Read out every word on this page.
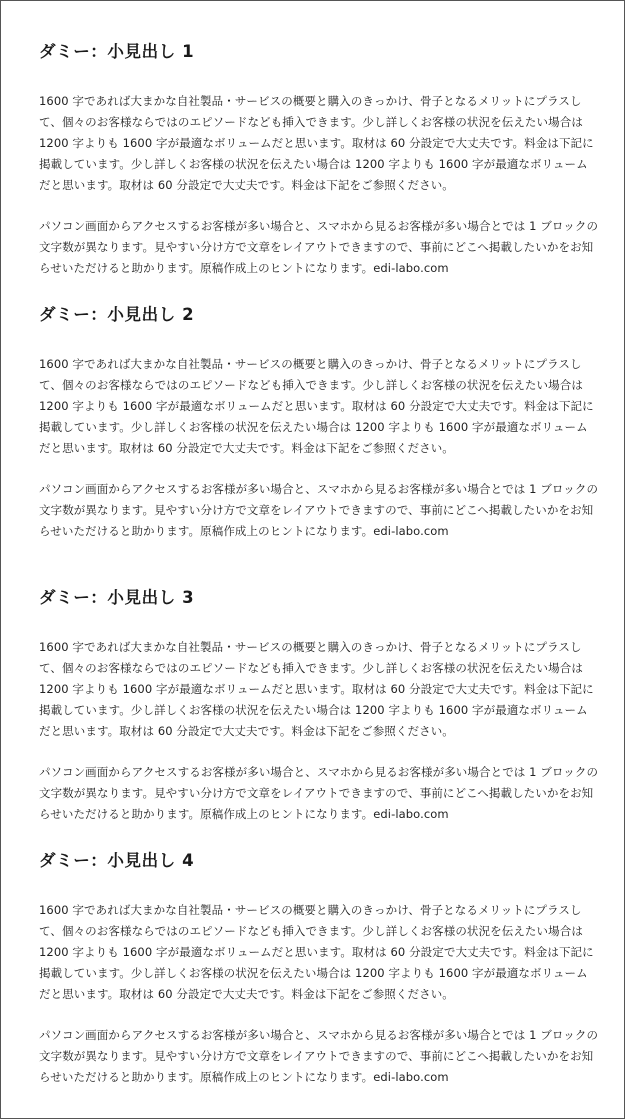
ダミー：小見出し 1

1600 字であれば大まかな自社製品・サービスの概要と購入のきっかけ、骨子となるメリットにプラスして、個々のお客様ならではのエピソードなども挿入できます。少し詳しくお客様の状況を伝えたい場合は 1200 字よりも 1600 字が最適なボリュームだと思います。取材は 60 分設定で大丈夫です。料金は下記に掲載しています。少し詳しくお客様の状況を伝えたい場合は 1200 字よりも 1600 字が最適なボリュームだと思います。取材は 60 分設定で大丈夫です。料金は下記をご参照ください。

パソコン画面からアクセスするお客様が多い場合と、スマホから見るお客様が多い場合とでは 1 ブロックの文字数が異なります。見やすい分け方で文章をレイアウトできますので、事前にどこへ掲載したいかをお知らせいただけると助かります。原稿作成上のヒントになります。edi-labo.com

ダミー：小見出し 2

1600 字であれば大まかな自社製品・サービスの概要と購入のきっかけ、骨子となるメリットにプラスして、個々のお客様ならではのエピソードなども挿入できます。少し詳しくお客様の状況を伝えたい場合は 1200 字よりも 1600 字が最適なボリュームだと思います。取材は 60 分設定で大丈夫です。料金は下記に掲載しています。少し詳しくお客様の状況を伝えたい場合は 1200 字よりも 1600 字が最適なボリュームだと思います。取材は 60 分設定で大丈夫です。料金は下記をご参照ください。

パソコン画面からアクセスするお客様が多い場合と、スマホから見るお客様が多い場合とでは 1 ブロックの文字数が異なります。見やすい分け方で文章をレイアウトできますので、事前にどこへ掲載したいかをお知らせいただけると助かります。原稿作成上のヒントになります。edi-labo.com

ダミー：小見出し 3

1600 字であれば大まかな自社製品・サービスの概要と購入のきっかけ、骨子となるメリットにプラスして、個々のお客様ならではのエピソードなども挿入できます。少し詳しくお客様の状況を伝えたい場合は 1200 字よりも 1600 字が最適なボリュームだと思います。取材は 60 分設定で大丈夫です。料金は下記に掲載しています。少し詳しくお客様の状況を伝えたい場合は 1200 字よりも 1600 字が最適なボリュームだと思います。取材は 60 分設定で大丈夫です。料金は下記をご参照ください。

パソコン画面からアクセスするお客様が多い場合と、スマホから見るお客様が多い場合とでは 1 ブロックの文字数が異なります。見やすい分け方で文章をレイアウトできますので、事前にどこへ掲載したいかをお知らせいただけると助かります。原稿作成上のヒントになります。edi-labo.com

ダミー：小見出し 4

1600 字であれば大まかな自社製品・サービスの概要と購入のきっかけ、骨子となるメリットにプラスして、個々のお客様ならではのエピソードなども挿入できます。少し詳しくお客様の状況を伝えたい場合は 1200 字よりも 1600 字が最適なボリュームだと思います。取材は 60 分設定で大丈夫です。料金は下記に掲載しています。少し詳しくお客様の状況を伝えたい場合は 1200 字よりも 1600 字が最適なボリュームだと思います。取材は 60 分設定で大丈夫です。料金は下記をご参照ください。

パソコン画面からアクセスするお客様が多い場合と、スマホから見るお客様が多い場合とでは 1 ブロックの文字数が異なります。見やすい分け方で文章をレイアウトできますので、事前にどこへ掲載したいかをお知らせいただけると助かります。原稿作成上のヒントになります。edi-labo.com
